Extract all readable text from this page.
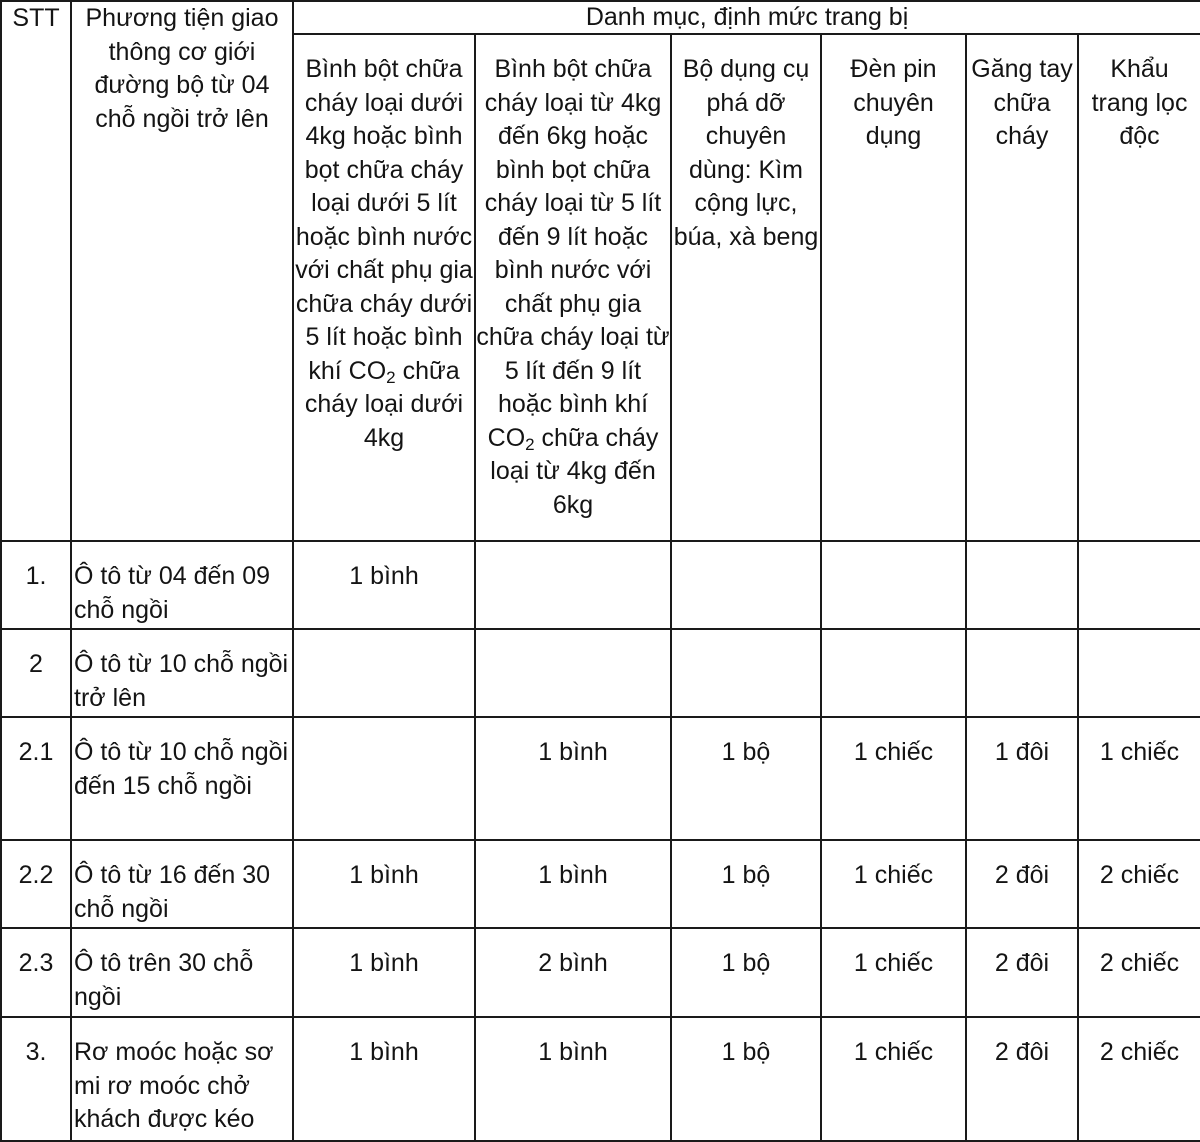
STT	Phương tiện giao thông cơ giới đường bộ từ 04 chỗ ngồi trở lên	Danh mục, định mức trang bị					
		Bình bột chữa cháy loại dưới 4kg hoặc bình bọt chữa cháy loại dưới 5 lít hoặc bình nước với chất phụ gia chữa cháy dưới 5 lít hoặc bình khí $CO_2$ chữa cháy loại dưới 4kg	Bình bột chữa cháy loại từ 4kg đến 6kg hoặc bình bọt chữa cháy loại từ 5 lít đến 9 lít hoặc bình nước với chất phụ gia chữa cháy loại từ 5 lít đến 9 lít hoặc bình khí $CO_2$ chữa cháy loại từ 4kg đến 6kg	Bộ dụng cụ phá dỡ chuyên dùng: Kìm cộng lực, búa, xà beng	Đèn pin chuyên dụng	Găng tay chữa cháy	Khẩu trang lọc độc
1.	Ô tô từ 04 đến 09 chỗ ngồi	1 bình					
2	Ô tô từ 10 chỗ ngồi trở lên						
2.1	Ô tô từ 10 chỗ ngồi đến 15 chỗ ngồi		1 bình	1 bộ	1 chiếc	1 đôi	1 chiếc
2.2	Ô tô từ 16 đến 30 chỗ ngồi	1 bình	1 bình	1 bộ	1 chiếc	2 đôi	2 chiếc
2.3	Ô tô trên 30 chỗ ngồi	1 bình	2 bình	1 bộ	1 chiếc	2 đôi	2 chiếc
3.	Rơ moóc hoặc sơ mi rơ moóc chở khách được kéo	1 bình	1 bình	1 bộ	1 chiếc	2 đôi	2 chiếc
